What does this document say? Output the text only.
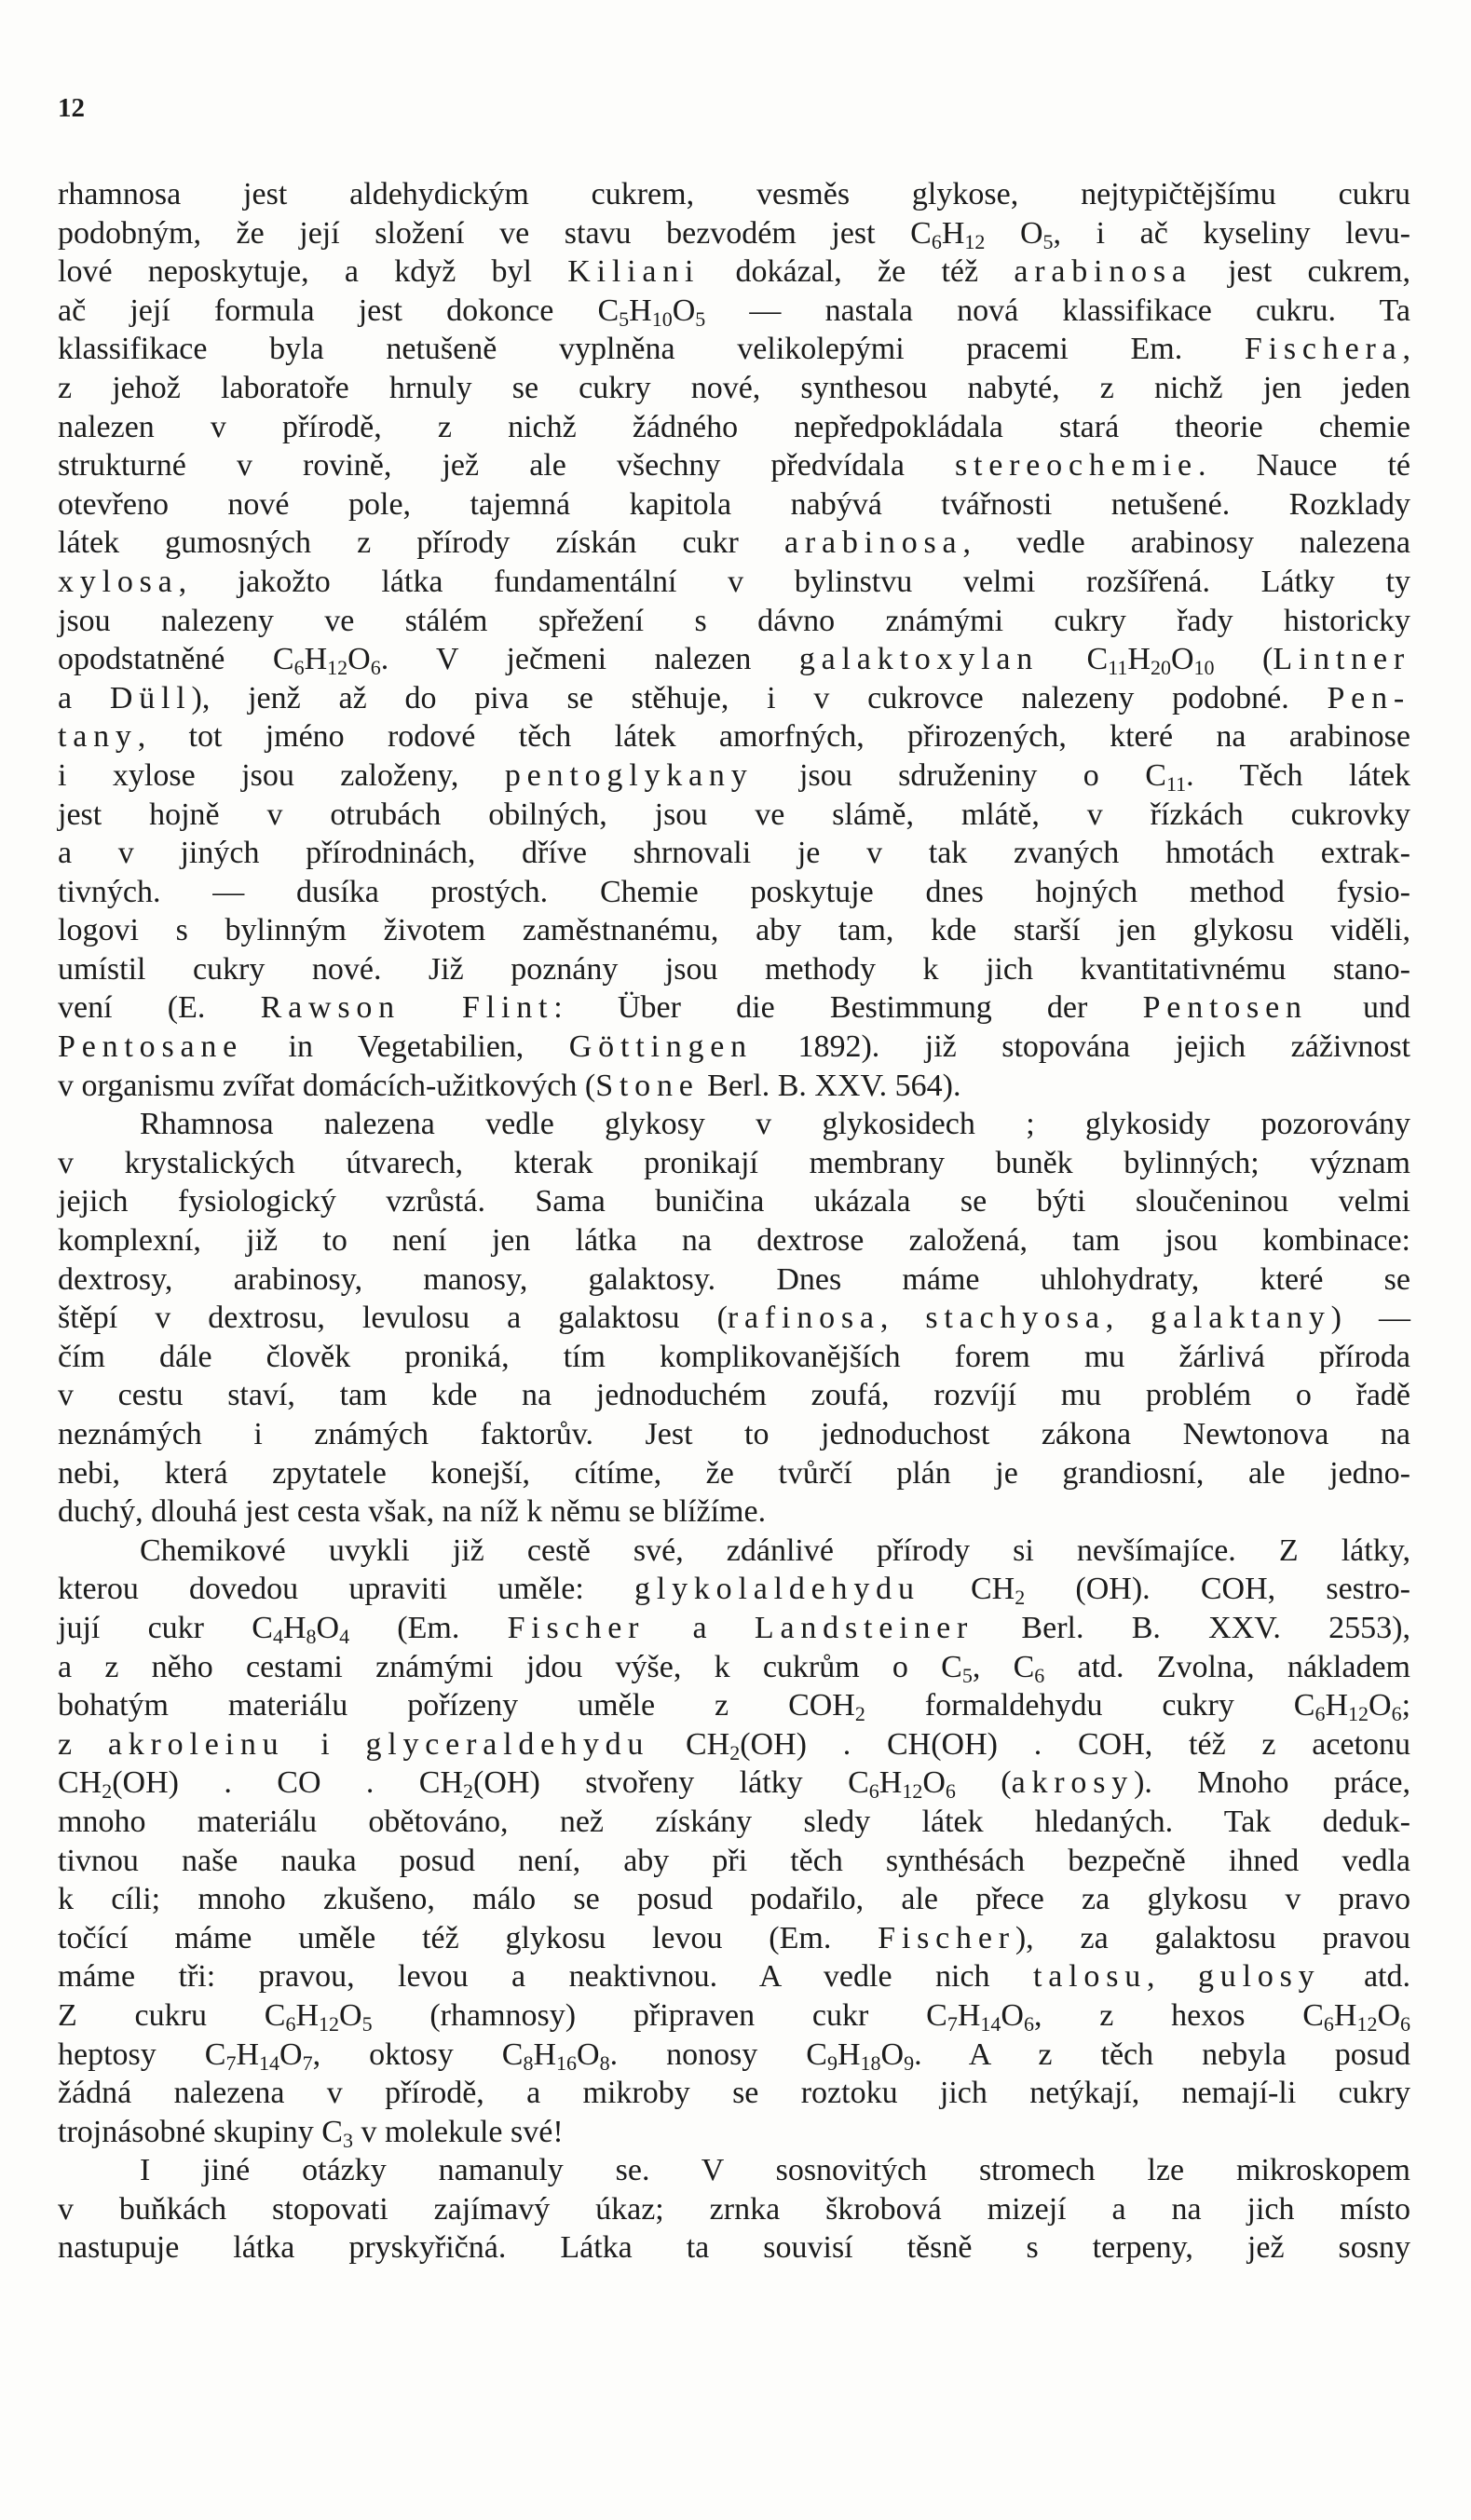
12
rhamnosa jest aldehydickým cukrem, vesměs glykose, nejtypičtějšímu cukru
podobným, že její složení ve stavu bezvodém jest $C_6H_{12}$ $O_5$, i ač kyseliny levu-
lové neposkytuje, a když byl Kiliani dokázal, že též arabinosa jest cukrem,
ač její formula jest dokonce $C_5H_{10}O_5$ — nastala nová klassifikace cukru. Ta
klassifikace byla netušeně vyplněna velikolepými pracemi Em. Fischera,
z jehož laboratoře hrnuly se cukry nové, synthesou nabyté, z nichž jen jeden
nalezen v přírodě, z nichž žádného nepředpokládala stará theorie chemie
strukturné v rovině, jež ale všechny předvídala stereochemie. Nauce té
otevřeno nové pole, tajemná kapitola nabývá tvářnosti netušené. Rozklady
látek gumosných z přírody získán cukr arabinosa, vedle arabinosy nalezena
xylosa, jakožto látka fundamentální v bylinstvu velmi rozšířená. Látky ty
jsou nalezeny ve stálém spřežení s dávno známými cukry řady historicky
opodstatněné $C_6H_{12}O_6$. V ječmeni nalezen galaktoxylan $C_{11}H_{20}O_{10}$ (Lintner
a Düll), jenž až do piva se stěhuje, i v cukrovce nalezeny podobné. Pen-
tany, tot jméno rodové těch látek amorfných, přirozených, které na arabinose
i xylose jsou založeny, pentoglykany jsou sdruženiny o $C_{11}$. Těch látek
jest hojně v otrubách obilných, jsou ve slámě, mlátě, v řízkách cukrovky
a v jiných přírodninách, dříve shrnovali je v tak zvaných hmotách extrak-
tivných. — dusíka prostých. Chemie poskytuje dnes hojných method fysio-
logovi s bylinným životem zaměstnanému, aby tam, kde starší jen glykosu viděli,
umístil cukry nové. Již poznány jsou methody k jich kvantitativnému stano-
vení (E. Rawson Flint: Über die Bestimmung der Pentosen und
Pentosane in Vegetabilien, Göttingen 1892). již stopována jejich záživnost
v organismu zvířat domácích-užitkových (Stone Berl. B. XXV. 564).
Rhamnosa nalezena vedle glykosy v glykosidech ; glykosidy pozorovány
v krystalických útvarech, kterak pronikají membrany buněk bylinných; význam
jejich fysiologický vzrůstá. Sama buničina ukázala se býti sloučeninou velmi
komplexní, již to není jen látka na dextrose založená, tam jsou kombinace:
dextrosy, arabinosy, manosy, galaktosy. Dnes máme uhlohydraty, které se
štěpí v dextrosu, levulosu a galaktosu (rafinosa, stachyosa, galaktany) —
čím dále člověk proniká, tím komplikovanějších forem mu žárlivá příroda
v cestu staví, tam kde na jednoduchém zoufá, rozvíjí mu problém o řadě
neznámých i známých faktorův. Jest to jednoduchost zákona Newtonova na
nebi, která zpytatele konejší, cítíme, že tvůrčí plán je grandiosní, ale jedno-
duchý, dlouhá jest cesta však, na níž k němu se blížíme.
Chemikové uvykli již cestě své, zdánlivé přírody si nevšímajíce. Z látky,
kterou dovedou upraviti uměle: glykolaldehydu $CH_2$ (OH). COH, sestro-
jují cukr $C_4H_8O_4$ (Em. Fischer a Landsteiner Berl. B. XXV. 2553),
a z něho cestami známými jdou výše, k cukrům o $C_5$, $C_6$ atd. Zvolna, nákladem
bohatým materiálu pořízeny uměle z $COH_2$ formaldehydu cukry $C_6H_{12}O_6$;
z akroleinu i glyceraldehydu $CH_2(OH)$ . CH(OH) . COH, též z acetonu
$CH_2(OH)$ . CO . $CH_2(OH)$ stvořeny látky $C_6H_{12}O_6$ (akrosy). Mnoho práce,
mnoho materiálu obětováno, než získány sledy látek hledaných. Tak deduk-
tivnou naše nauka posud není, aby při těch synthésách bezpečně ihned vedla
k cíli; mnoho zkušeno, málo se posud podařilo, ale přece za glykosu v pravo
točící máme uměle též glykosu levou (Em. Fischer), za galaktosu pravou
máme tři: pravou, levou a neaktivnou. A vedle nich talosu, gulosy atd.
Z cukru $C_6H_{12}O_5$ (rhamnosy) připraven cukr $C_7H_{14}O_6$, z hexos $C_6H_{12}O_6$
heptosy $C_7H_{14}O_7$, oktosy $C_8H_{16}O_8$. nonosy $C_9H_{18}O_9$. A z těch nebyla posud
žádná nalezena v přírodě, a mikroby se roztoku jich netýkají, nemají-li cukry
trojnásobné skupiny $C_3$ v molekule své!
I jiné otázky namanuly se. V sosnovitých stromech lze mikroskopem
v buňkách stopovati zajímavý úkaz; zrnka škrobová mizejí a na jich místo
nastupuje látka pryskyřičná. Látka ta souvisí těsně s terpeny, jež sosny
